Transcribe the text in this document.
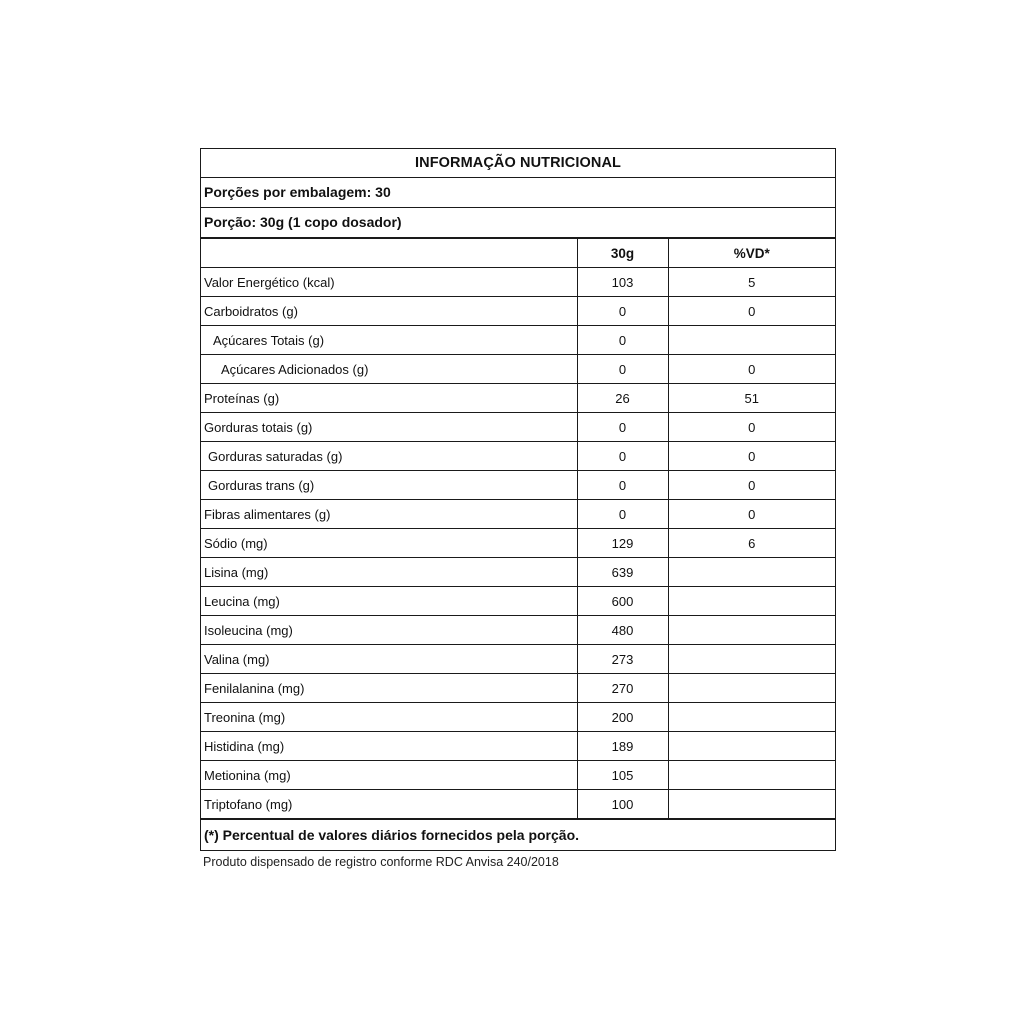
INFORMAÇÃO NUTRICIONAL
Porções por embalagem: 30
Porção: 30g (1 copo dosador)
	30g	%VD*
Valor Energético (kcal)	103	5
Carboidratos (g)	0	0
Açúcares Totais (g)	0	
Açúcares Adicionados (g)	0	0
Proteínas (g)	26	51
Gorduras totais (g)	0	0
Gorduras saturadas (g)	0	0
Gorduras trans (g)	0	0
Fibras alimentares (g)	0	0
Sódio (mg)	129	6
Lisina (mg)	639	
Leucina (mg)	600	
Isoleucina (mg)	480	
Valina (mg)	273	
Fenilalanina (mg)	270	
Treonina (mg)	200	
Histidina (mg)	189	
Metionina (mg)	105	
Triptofano (mg)	100	
(*) Percentual de valores diários fornecidos pela porção.
Produto dispensado de registro conforme RDC Anvisa 240/2018
